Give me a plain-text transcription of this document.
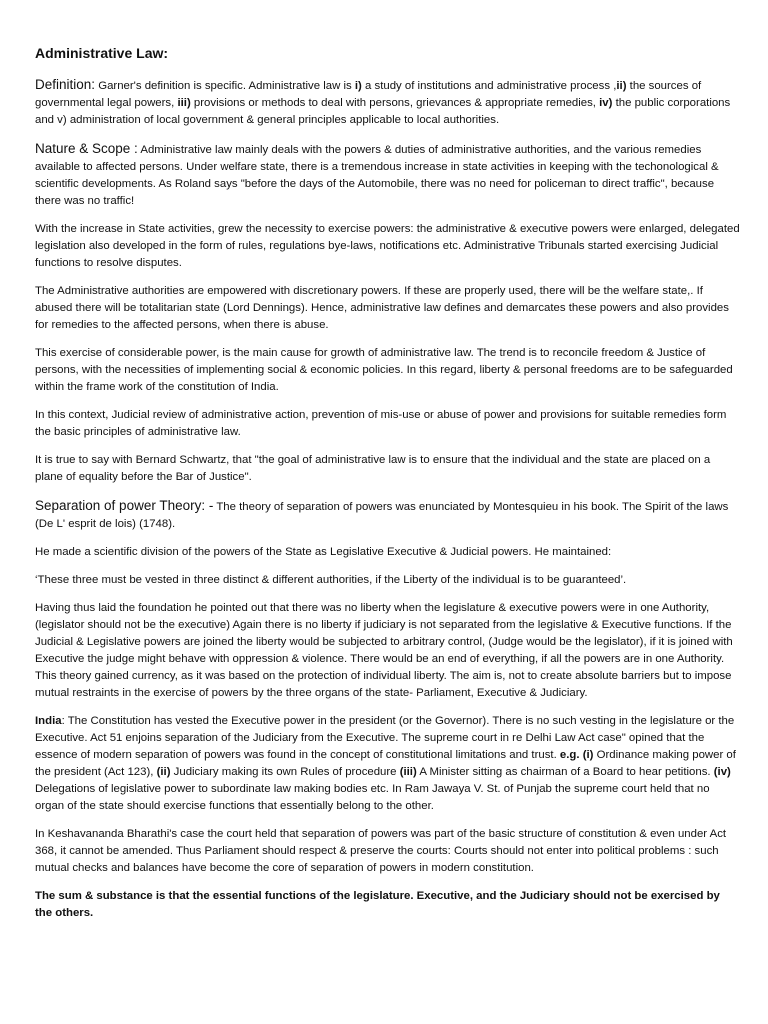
Administrative Law:

Definition: Garner's definition is specific. Administrative law is i) a study of institutions and administrative process ,ii) the sources of governmental legal powers, iii) provisions or methods to deal with persons, grievances & appropriate remedies, iv) the public corporations and v) administration of local government & general principles applicable to local authorities.

Nature & Scope : Administrative law mainly deals with the powers & duties of administrative authorities, and the various remedies available to affected persons. Under welfare state, there is a tremendous increase in state activities in keeping with the techonological & scientific developments. As Roland says "before the days of the Automobile, there was no need for policeman to direct traffic", because there was no traffic!

With the increase in State activities, grew the necessity to exercise powers: the administrative & executive powers were enlarged, delegated legislation also developed in the form of rules, regulations bye-laws, notifications etc. Administrative Tribunals started exercising Judicial functions to resolve disputes.

The Administrative authorities are empowered with discretionary powers. If these are properly used, there will be the welfare state,. If abused there will be totalitarian state (Lord Dennings). Hence, administrative law defines and demarcates these powers and also provides for remedies to the affected persons, when there is abuse.

This exercise of considerable power, is the main cause for growth of administrative law. The trend is to reconcile freedom & Justice of persons, with the necessities of implementing social & economic policies. In this regard, liberty & personal freedoms are to be safeguarded within the frame work of the constitution of India.

In this context, Judicial review of administrative action, prevention of mis-use or abuse of power and provisions for suitable remedies form the basic principles of administrative law.

It is true to say with Bernard Schwartz, that "the goal of administrative law is to ensure that the individual and the state are placed on a plane of equality before the Bar of Justice".

Separation of power Theory: - The theory of separation of powers was enunciated by Montesquieu in his book. The Spirit of the laws (De L' esprit de lois) (1748).

He made a scientific division of the powers of the State as Legislative Executive & Judicial powers. He maintained:

‘These three must be vested in three distinct & different authorities, if the Liberty of the individual is to be guaranteed’.

Having thus laid the foundation he pointed out that there was no liberty when the legislature & executive powers were in one Authority, (legislator should not be the executive) Again there is no liberty if judiciary is not separated from the legislative & Executive functions. If the Judicial & Legislative powers are joined the liberty would be subjected to arbitrary control, (Judge would be the legislator), if it is joined with Executive the judge might behave with oppression & violence. There would be an end of everything, if all the powers are in one Authority. This theory gained currency, as it was based on the protection of individual liberty. The aim is, not to create absolute barriers but to impose mutual restraints in the exercise of powers by the three organs of the state- Parliament, Executive & Judiciary.

India: The Constitution has vested the Executive power in the president (or the Governor). There is no such vesting in the legislature or the Executive. Act 51 enjoins separation of the Judiciary from the Executive. The supreme court in re Delhi Law Act case" opined that the essence of modern separation of powers was found in the concept of constitutional limitations and trust. e.g. (i) Ordinance making power of the president (Act 123), (ii) Judiciary making its own Rules of procedure (iii) A Minister sitting as chairman of a Board to hear petitions. (iv) Delegations of legislative power to subordinate law making bodies etc. In Ram Jawaya V. St. of Punjab the supreme court held that no organ of the state should exercise functions that essentially belong to the other.

In Keshavananda Bharathi's case the court held that separation of powers was part of the basic structure of constitution & even under Act 368, it cannot be amended. Thus Parliament should respect & preserve the courts: Courts should not enter into political problems : such mutual checks and balances have become the core of separation of powers in modern constitution.

The sum & substance is that the essential functions of the legislature. Executive, and the Judiciary should not be exercised by the others.
